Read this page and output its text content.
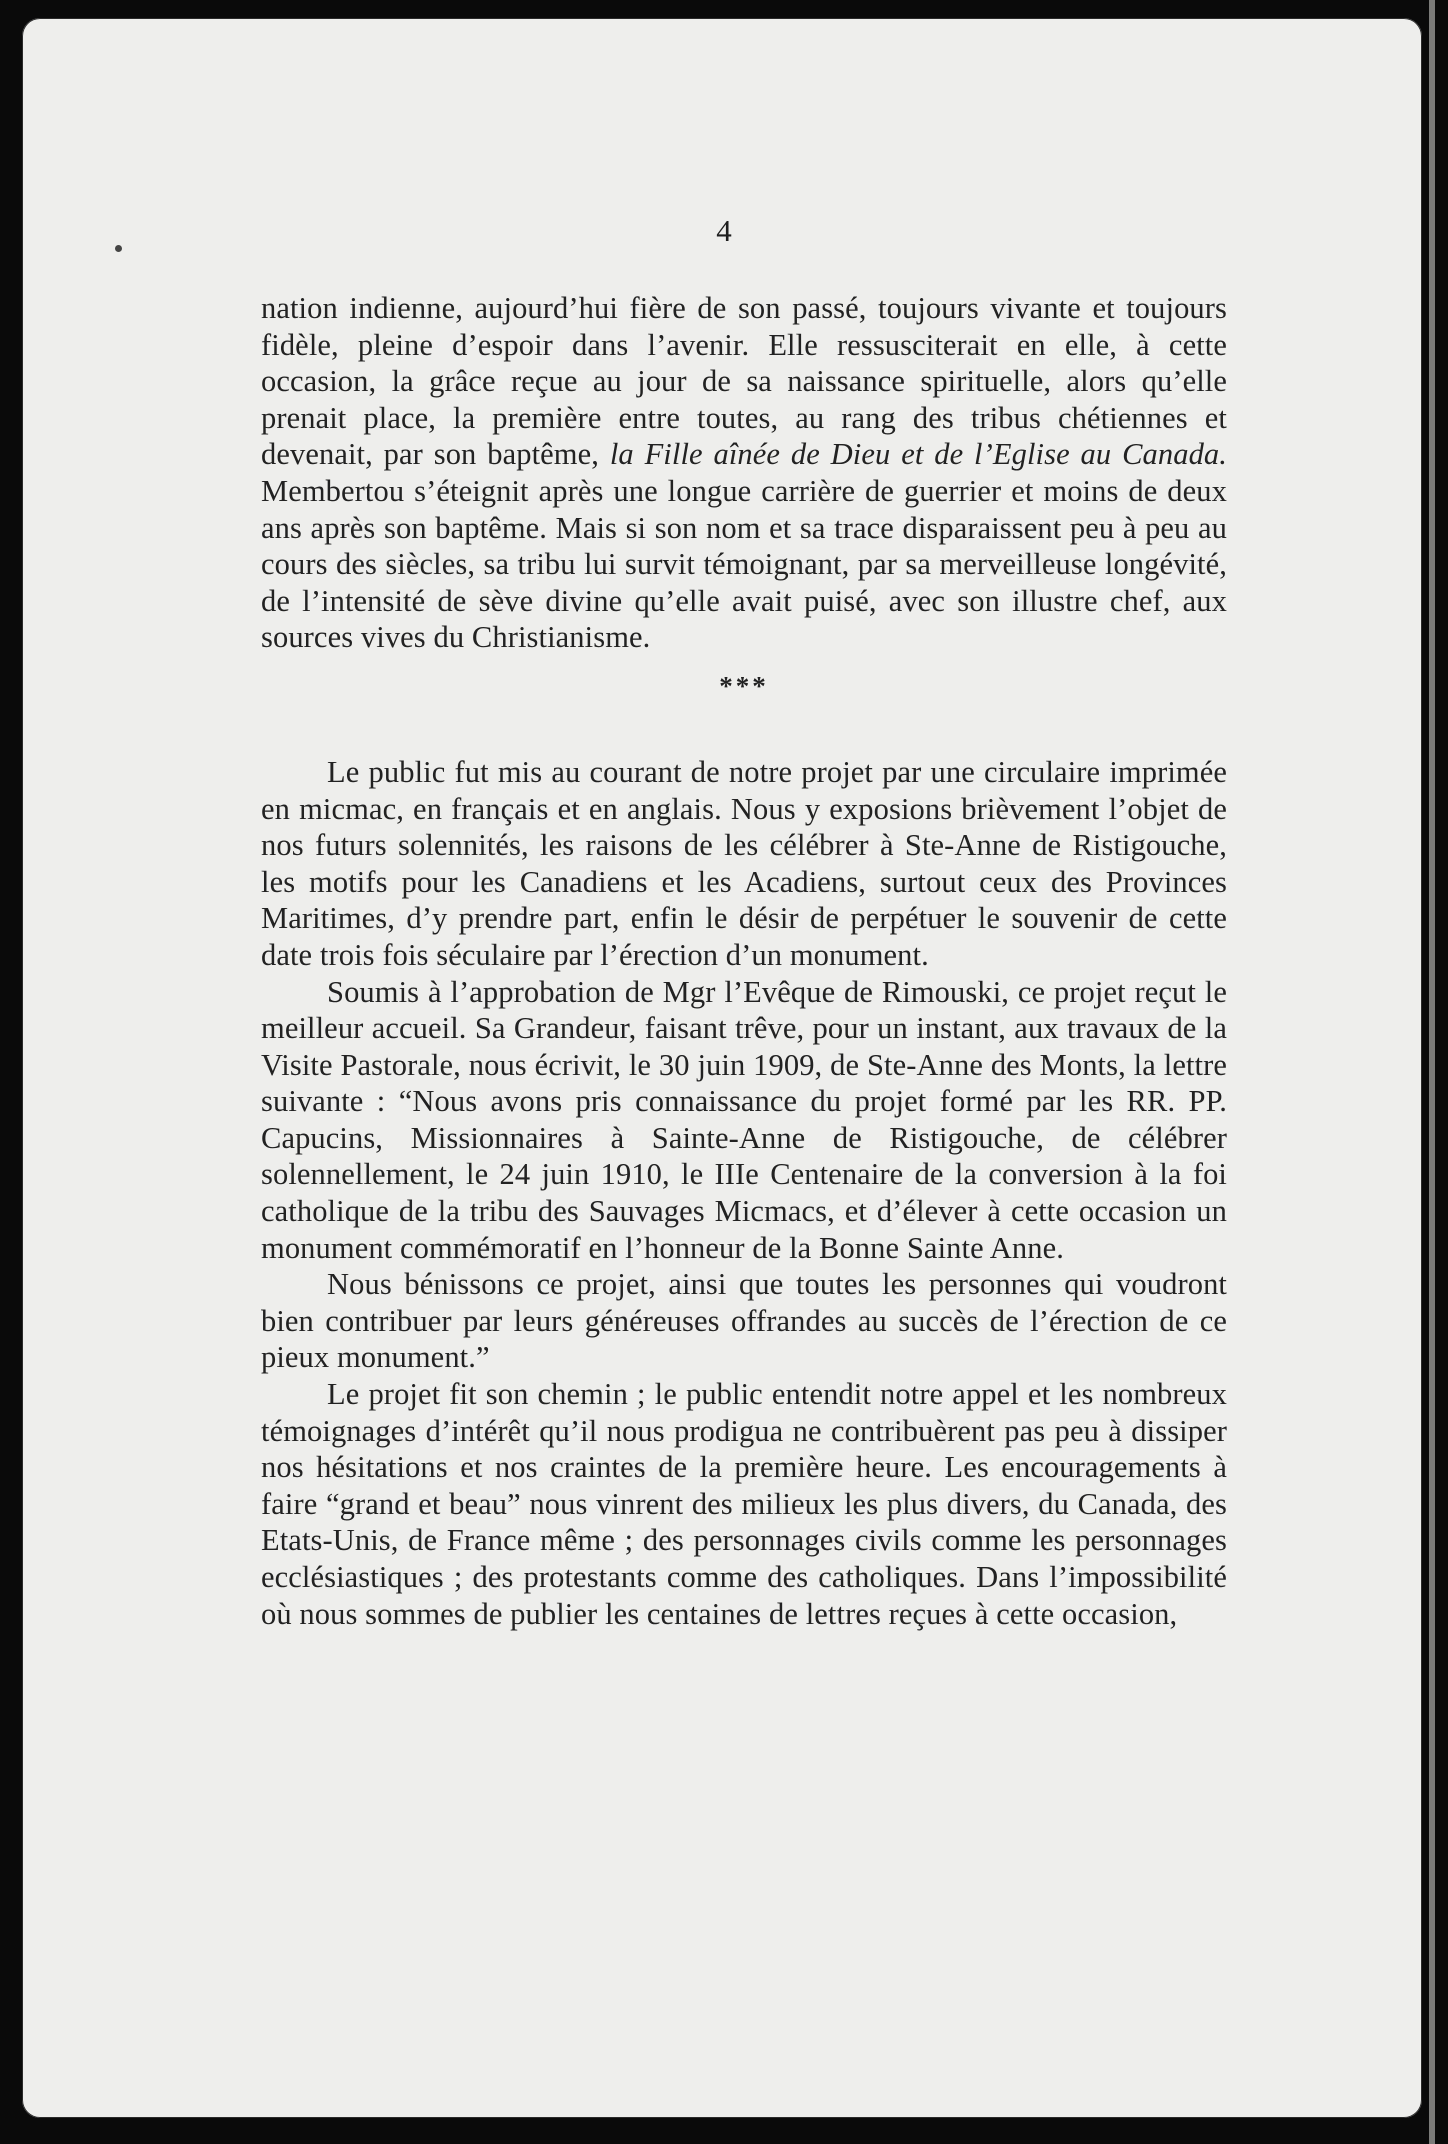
4

nation indienne, aujourd’hui fière de son passé, toujours vivante et toujours fidèle, pleine d’espoir dans l’avenir. Elle ressusciterait en elle, à cette occasion, la grâce reçue au jour de sa naissance spirituelle, alors qu’elle prenait place, la première entre toutes, au rang des tribus chétiennes et devenait, par son baptême, la Fille aînée de Dieu et de l’Eglise au Canada. Membertou s’éteignit après une longue carrière de guerrier et moins de deux ans après son baptême. Mais si son nom et sa trace disparaissent peu à peu au cours des siècles, sa tribu lui survit témoignant, par sa merveilleuse longévité, de l’intensité de sève divine qu’elle avait puisé, avec son illustre chef, aux sources vives du Christianisme.

***

Le public fut mis au courant de notre projet par une circulaire imprimée en micmac, en français et en anglais. Nous y exposions brièvement l’objet de nos futurs solennités, les raisons de les célébrer à Ste-Anne de Ristigouche, les motifs pour les Canadiens et les Acadiens, surtout ceux des Provinces Maritimes, d’y prendre part, enfin le désir de perpétuer le souvenir de cette date trois fois séculaire par l’érection d’un monument.

Soumis à l’approbation de Mgr l’Evêque de Rimouski, ce projet reçut le meilleur accueil. Sa Grandeur, faisant trêve, pour un instant, aux travaux de la Visite Pastorale, nous écrivit, le 30 juin 1909, de Ste-Anne des Monts, la lettre suivante : “Nous avons pris connaissance du projet formé par les RR. PP. Capucins, Missionnaires à Sainte-Anne de Ristigouche, de célébrer solennellement, le 24 juin 1910, le IIIe Centenaire de la conversion à la foi catholique de la tribu des Sauvages Micmacs, et d’élever à cette occasion un monument commémoratif en l’honneur de la Bonne Sainte Anne.

Nous bénissons ce projet, ainsi que toutes les personnes qui voudront bien contribuer par leurs généreuses offrandes au succès de l’érection de ce pieux monument.”

Le projet fit son chemin ; le public entendit notre appel et les nombreux témoignages d’intérêt qu’il nous prodigua ne contribuèrent pas peu à dissiper nos hésitations et nos craintes de la première heure. Les encouragements à faire “grand et beau” nous vinrent des milieux les plus divers, du Canada, des Etats-Unis, de France même ; des personnages civils comme les personnages ecclésiastiques ; des protestants comme des catholiques. Dans l’impossibilité où nous sommes de publier les centaines de lettres reçues à cette occasion,
